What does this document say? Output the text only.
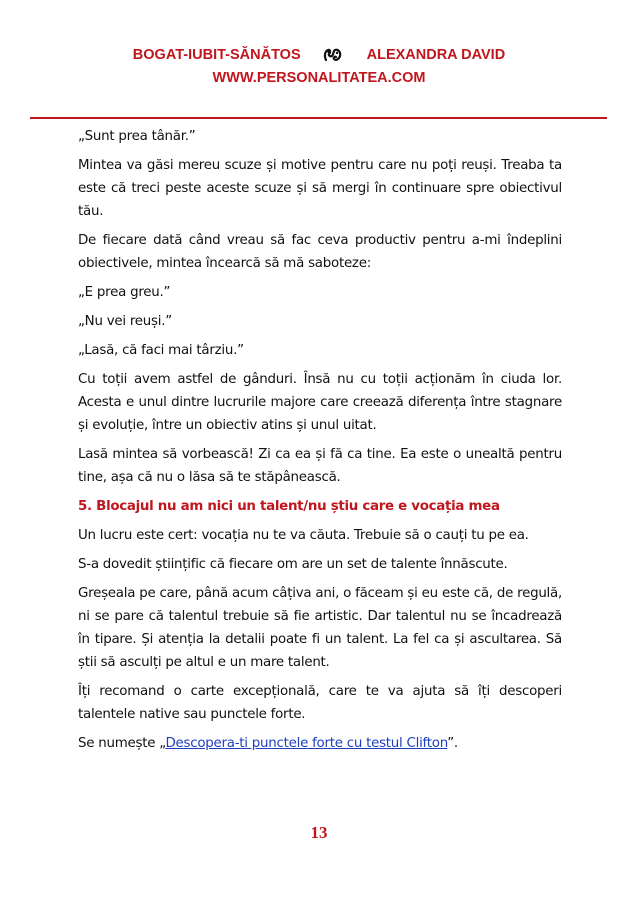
BOGAT-IUBIT-SĂNĂTOS	ALEXANDRA DAVID
WWW.PERSONALITATEA.COM

„Sunt prea tânăr.”

Mintea va găsi mereu scuze și motive pentru care nu poți reuși. Treaba ta este că treci peste aceste scuze și să mergi în continuare spre obiectivul tău.

De fiecare dată când vreau să fac ceva productiv pentru a-mi îndeplini obiectivele, mintea încearcă să mă saboteze:

„E prea greu.”

„Nu vei reuși.”

„Lasă, că faci mai târziu.”

Cu toții avem astfel de gânduri. Însă nu cu toții acționăm în ciuda lor. Acesta e unul dintre lucrurile majore care creează diferența între stagnare și evoluție, între un obiectiv atins și unul uitat.

Lasă mintea să vorbească! Zi ca ea și fă ca tine. Ea este o unealtă pentru tine, așa că nu o lăsa să te stăpânească.

5. Blocajul nu am nici un talent/nu știu care e vocația mea

Un lucru este cert: vocația nu te va căuta. Trebuie să o cauți tu pe ea.

S-a dovedit științific că fiecare om are un set de talente înnăscute.

Greșeala pe care, până acum câțiva ani, o făceam și eu este că, de regulă, ni se pare că talentul trebuie să fie artistic. Dar talentul nu se încadrează în tipare. Și atenția la detalii poate fi un talent. La fel ca și ascultarea. Să știi să asculți pe altul e un mare talent.

Îți recomand o carte excepțională, care te va ajuta să îți descoperi talentele native sau punctele forte.

Se numește „Descopera-ti punctele forte cu testul Clifton”.

13
